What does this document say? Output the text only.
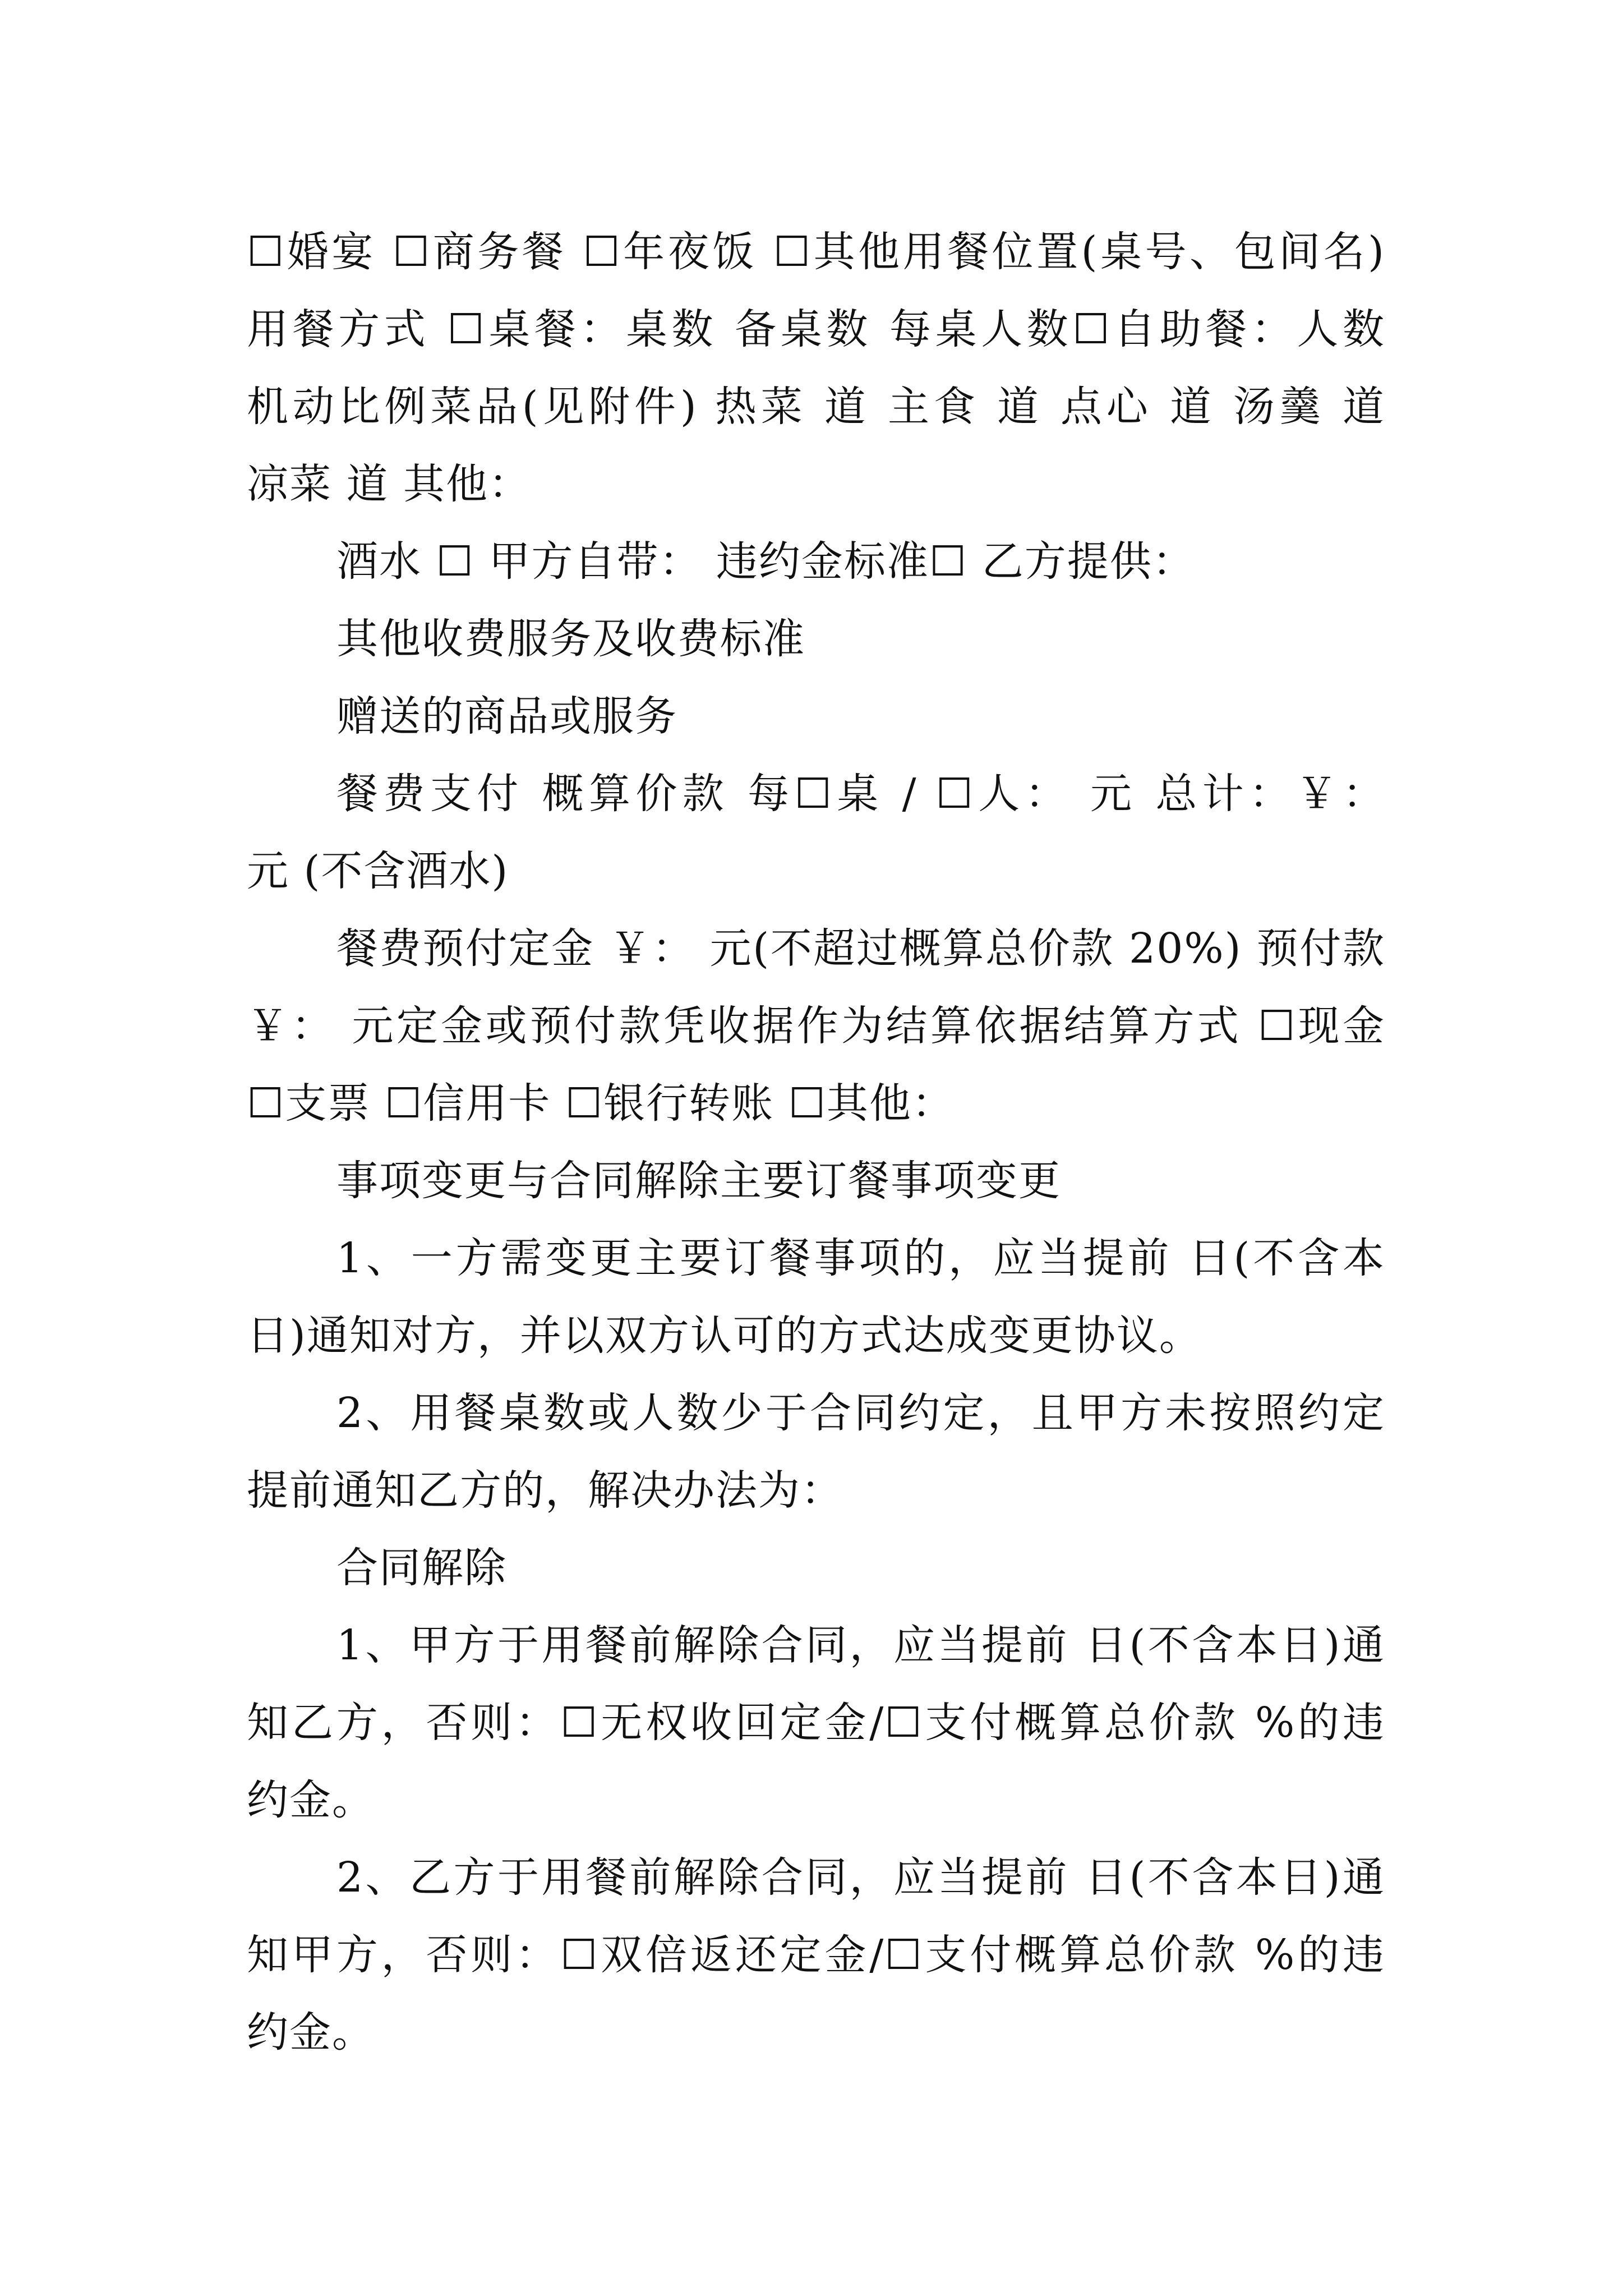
☐婚宴 ☐商务餐 ☐年夜饭 ☐其他用餐位置(桌号、包间名)
用餐方式 ☐桌餐：桌数 备桌数 每桌人数☐自助餐：人数
机动比例菜品(见附件) 热菜 道 主食 道 点心 道 汤羹 道
凉菜 道 其他：
酒水 ☐ 甲方自带： 违约金标准☐ 乙方提供：
其他收费服务及收费标准
赠送的商品或服务
餐费支付 概算价款 每☐桌 / ☐人： 元 总计：￥：
元 (不含酒水)
餐费预付定金 ￥： 元(不超过概算总价款 20%) 预付款
￥： 元定金或预付款凭收据作为结算依据结算方式 ☐现金
☐支票 ☐信用卡 ☐银行转账 ☐其他：
事项变更与合同解除主要订餐事项变更
1、一方需变更主要订餐事项的，应当提前 日(不含本
日)通知对方，并以双方认可的方式达成变更协议。
2、用餐桌数或人数少于合同约定，且甲方未按照约定
提前通知乙方的，解决办法为：
合同解除
1、甲方于用餐前解除合同，应当提前 日(不含本日)通
知乙方，否则：☐无权收回定金/☐支付概算总价款 %的违
约金。
2、乙方于用餐前解除合同，应当提前 日(不含本日)通
知甲方，否则：☐双倍返还定金/☐支付概算总价款 %的违
约金。
